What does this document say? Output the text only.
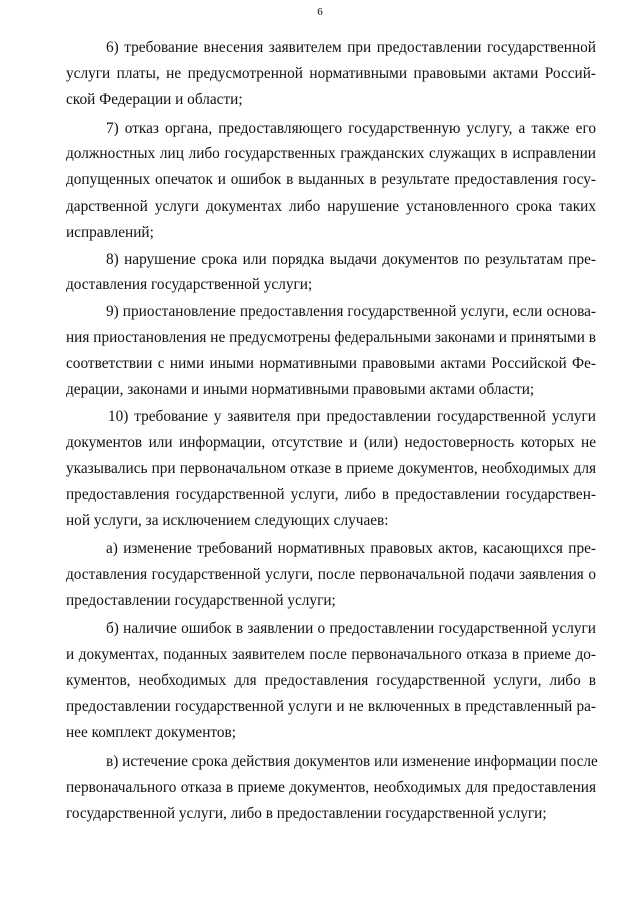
6
6) требование внесения заявителем при предоставлении государственной
услуги платы, не предусмотренной нормативными правовыми актами Россий-
ской Федерации и области;
7) отказ органа, предоставляющего государственную услугу, а также его
должностных лиц либо государственных гражданских служащих в исправлении
допущенных опечаток и ошибок в выданных в результате предоставления госу-
дарственной услуги документах либо нарушение установленного срока таких
исправлений;
8) нарушение срока или порядка выдачи документов по результатам пре-
доставления государственной услуги;
9) приостановление предоставления государственной услуги, если основа-
ния приостановления не предусмотрены федеральными законами и принятыми в
соответствии с ними иными нормативными правовыми актами Российской Фе-
дерации, законами и иными нормативными правовыми актами области;
10) требование у заявителя при предоставлении государственной услуги
документов или информации, отсутствие и (или) недостоверность которых не
указывались при первоначальном отказе в приеме документов, необходимых для
предоставления государственной услуги, либо в предоставлении государствен-
ной услуги, за исключением следующих случаев:
а) изменение требований нормативных правовых актов, касающихся пре-
доставления государственной услуги, после первоначальной подачи заявления о
предоставлении государственной услуги;
б) наличие ошибок в заявлении о предоставлении государственной услуги
и документах, поданных заявителем после первоначального отказа в приеме до-
кументов, необходимых для предоставления государственной услуги, либо в
предоставлении государственной услуги и не включенных в представленный ра-
нее комплект документов;
в) истечение срока действия документов или изменение информации после
первоначального отказа в приеме документов, необходимых для предоставления
государственной услуги, либо в предоставлении государственной услуги;
